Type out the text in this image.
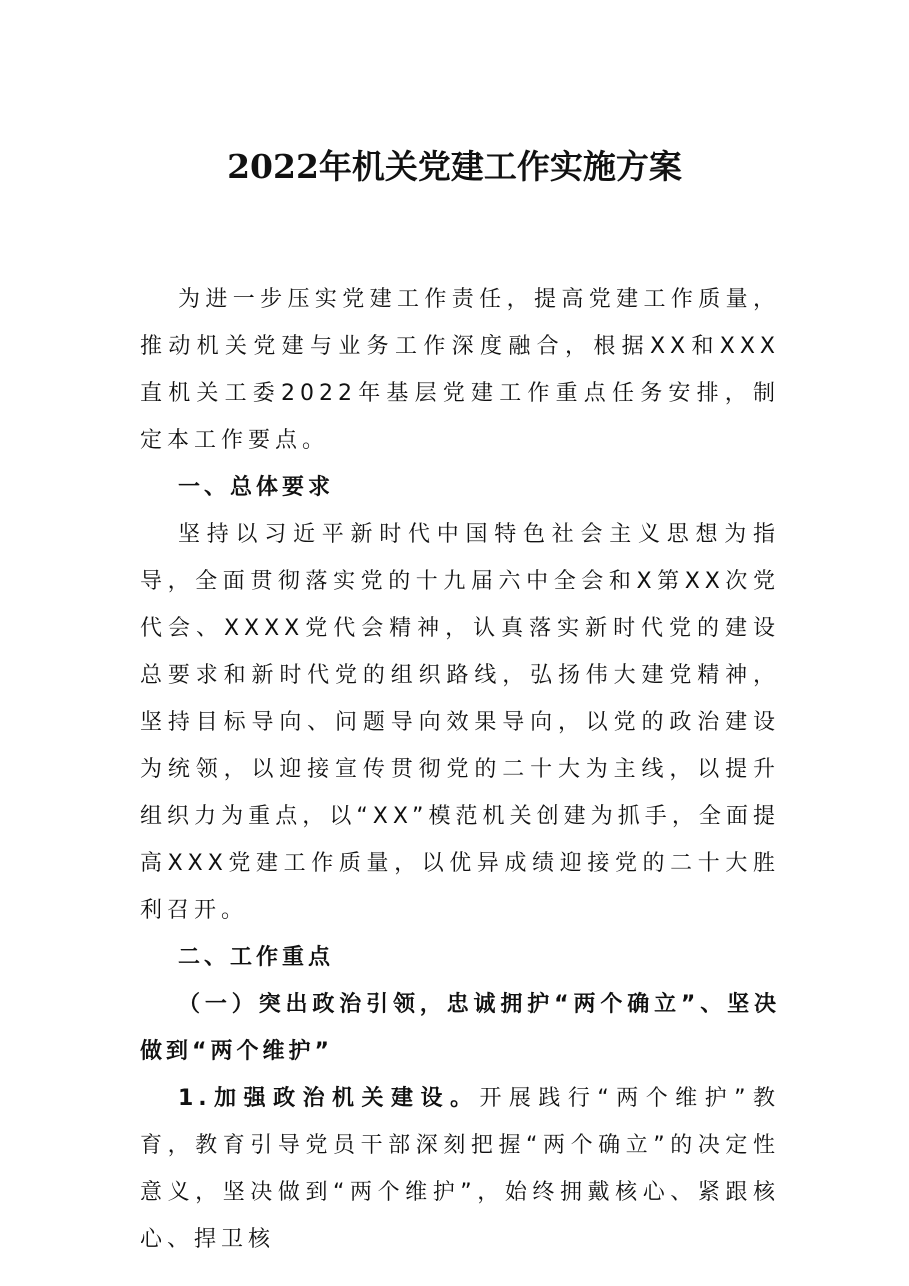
2022年机关党建工作实施方案

为进一步压实党建工作责任，提高党建工作质量，推动机关党建与业务工作深度融合，根据XX和XXX直机关工委2022年基层党建工作重点任务安排，制定本工作要点。

一、总体要求

坚持以习近平新时代中国特色社会主义思想为指导，全面贯彻落实党的十九届六中全会和X第XX次党代会、XXXX党代会精神，认真落实新时代党的建设总要求和新时代党的组织路线，弘扬伟大建党精神，坚持目标导向、问题导向效果导向，以党的政治建设为统领，以迎接宣传贯彻党的二十大为主线，以提升组织力为重点，以“XX”模范机关创建为抓手，全面提高XXX党建工作质量，以优异成绩迎接党的二十大胜利召开。

二、工作重点

（一）突出政治引领，忠诚拥护“两个确立”、坚决做到“两个维护”

1.加强政治机关建设。开展践行“两个维护”教育，教育引导党员干部深刻把握“两个确立”的决定性意义，坚决做到“两个维护”，始终拥戴核心、紧跟核心、捍卫核
